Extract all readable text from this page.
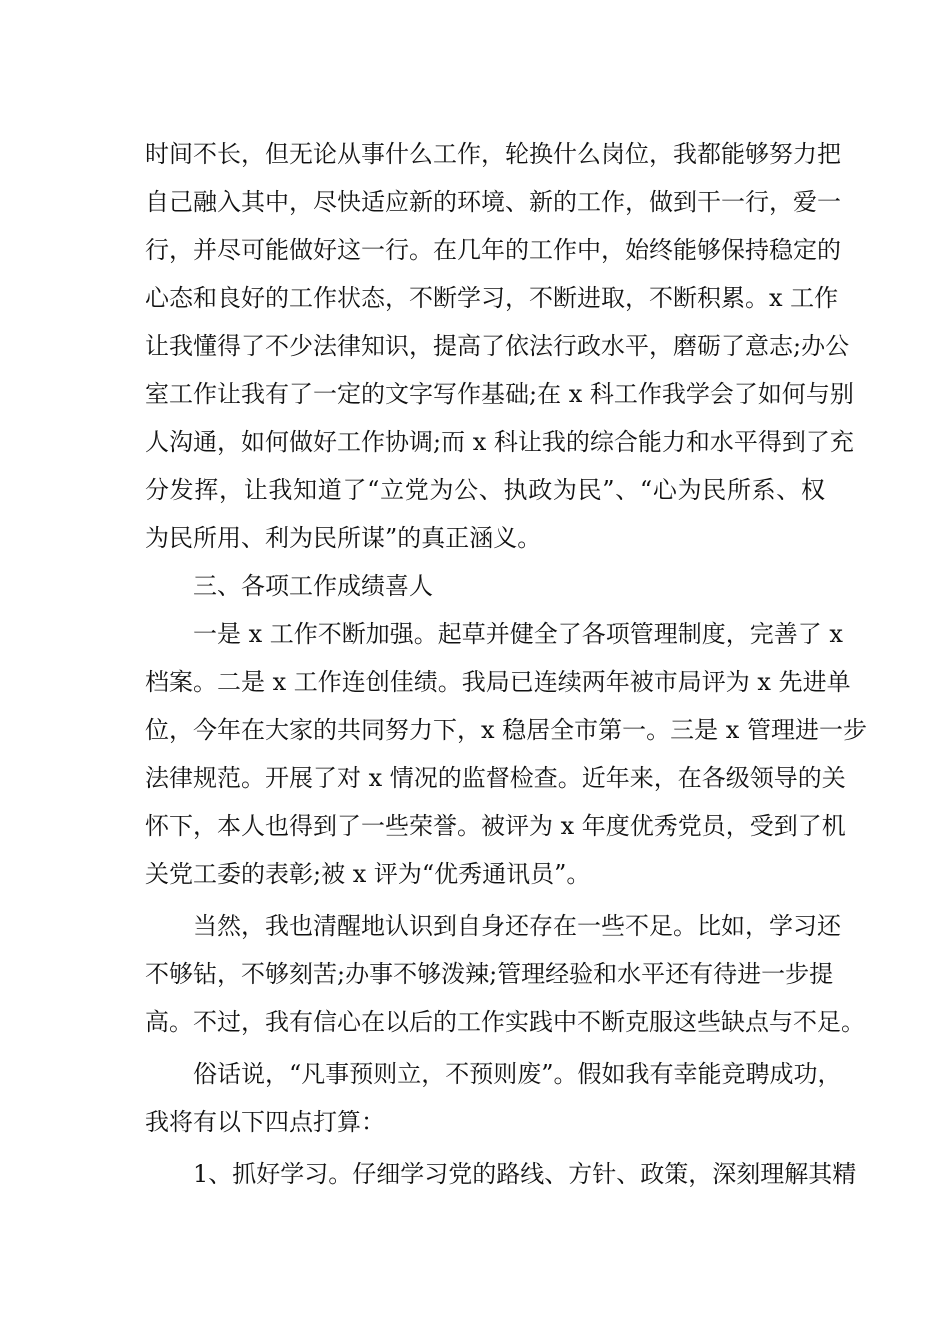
时间不长，但无论从事什么工作，轮换什么岗位，我都能够努力把
自己融入其中，尽快适应新的环境、新的工作，做到干一行，爱一
行，并尽可能做好这一行。在几年的工作中，始终能够保持稳定的
心态和良好的工作状态，不断学习，不断进取，不断积累。x 工作
让我懂得了不少法律知识，提高了依法行政水平，磨砺了意志;办公
室工作让我有了一定的文字写作基础;在 x 科工作我学会了如何与别
人沟通，如何做好工作协调;而 x 科让我的综合能力和水平得到了充
分发挥，让我知道了“立党为公、执政为民”、“心为民所系、权
为民所用、利为民所谋”的真正涵义。
三、各项工作成绩喜人
一是 x 工作不断加强。起草并健全了各项管理制度，完善了 x
档案。二是 x 工作连创佳绩。我局已连续两年被市局评为 x 先进单
位，今年在大家的共同努力下，x 稳居全市第一。三是 x 管理进一步
法律规范。开展了对 x 情况的监督检查。近年来，在各级领导的关
怀下，本人也得到了一些荣誉。被评为 x 年度优秀党员，受到了机
关党工委的表彰;被 x 评为“优秀通讯员”。
当然，我也清醒地认识到自身还存在一些不足。比如，学习还
不够钻，不够刻苦;办事不够泼辣;管理经验和水平还有待进一步提
高。不过，我有信心在以后的工作实践中不断克服这些缺点与不足。
俗话说，“凡事预则立，不预则废”。假如我有幸能竞聘成功，
我将有以下四点打算：
1、抓好学习。仔细学习党的路线、方针、政策，深刻理解其精
